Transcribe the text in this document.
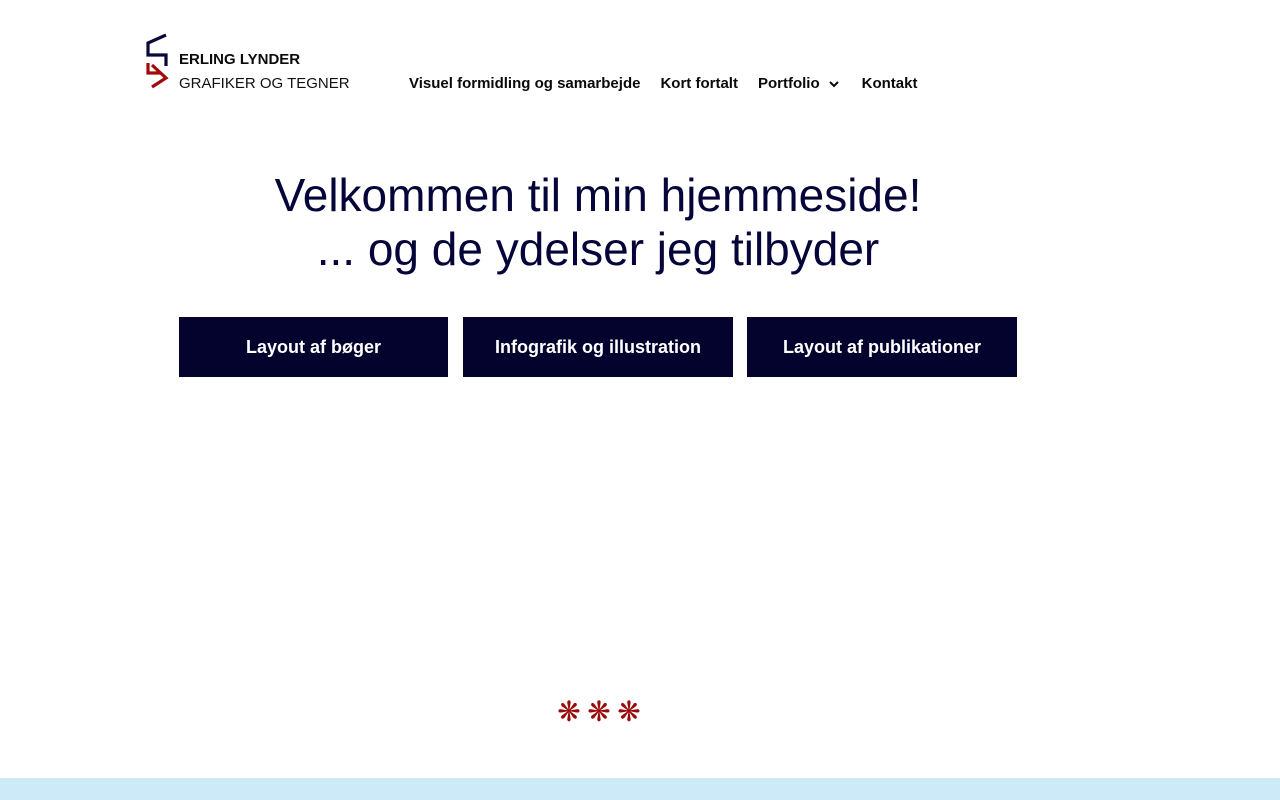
ERLING LYNDER
GRAFIKER OG TEGNER	Visuel formidling og samarbejde Kort fortalt Portfolio	Kontakt
Velkommen til min hjemmeside!
... og de ydelser jeg tilbyder
Layout af bøger	Infografik og illustration	Layout af publikationer
❋ ❋ ❋
